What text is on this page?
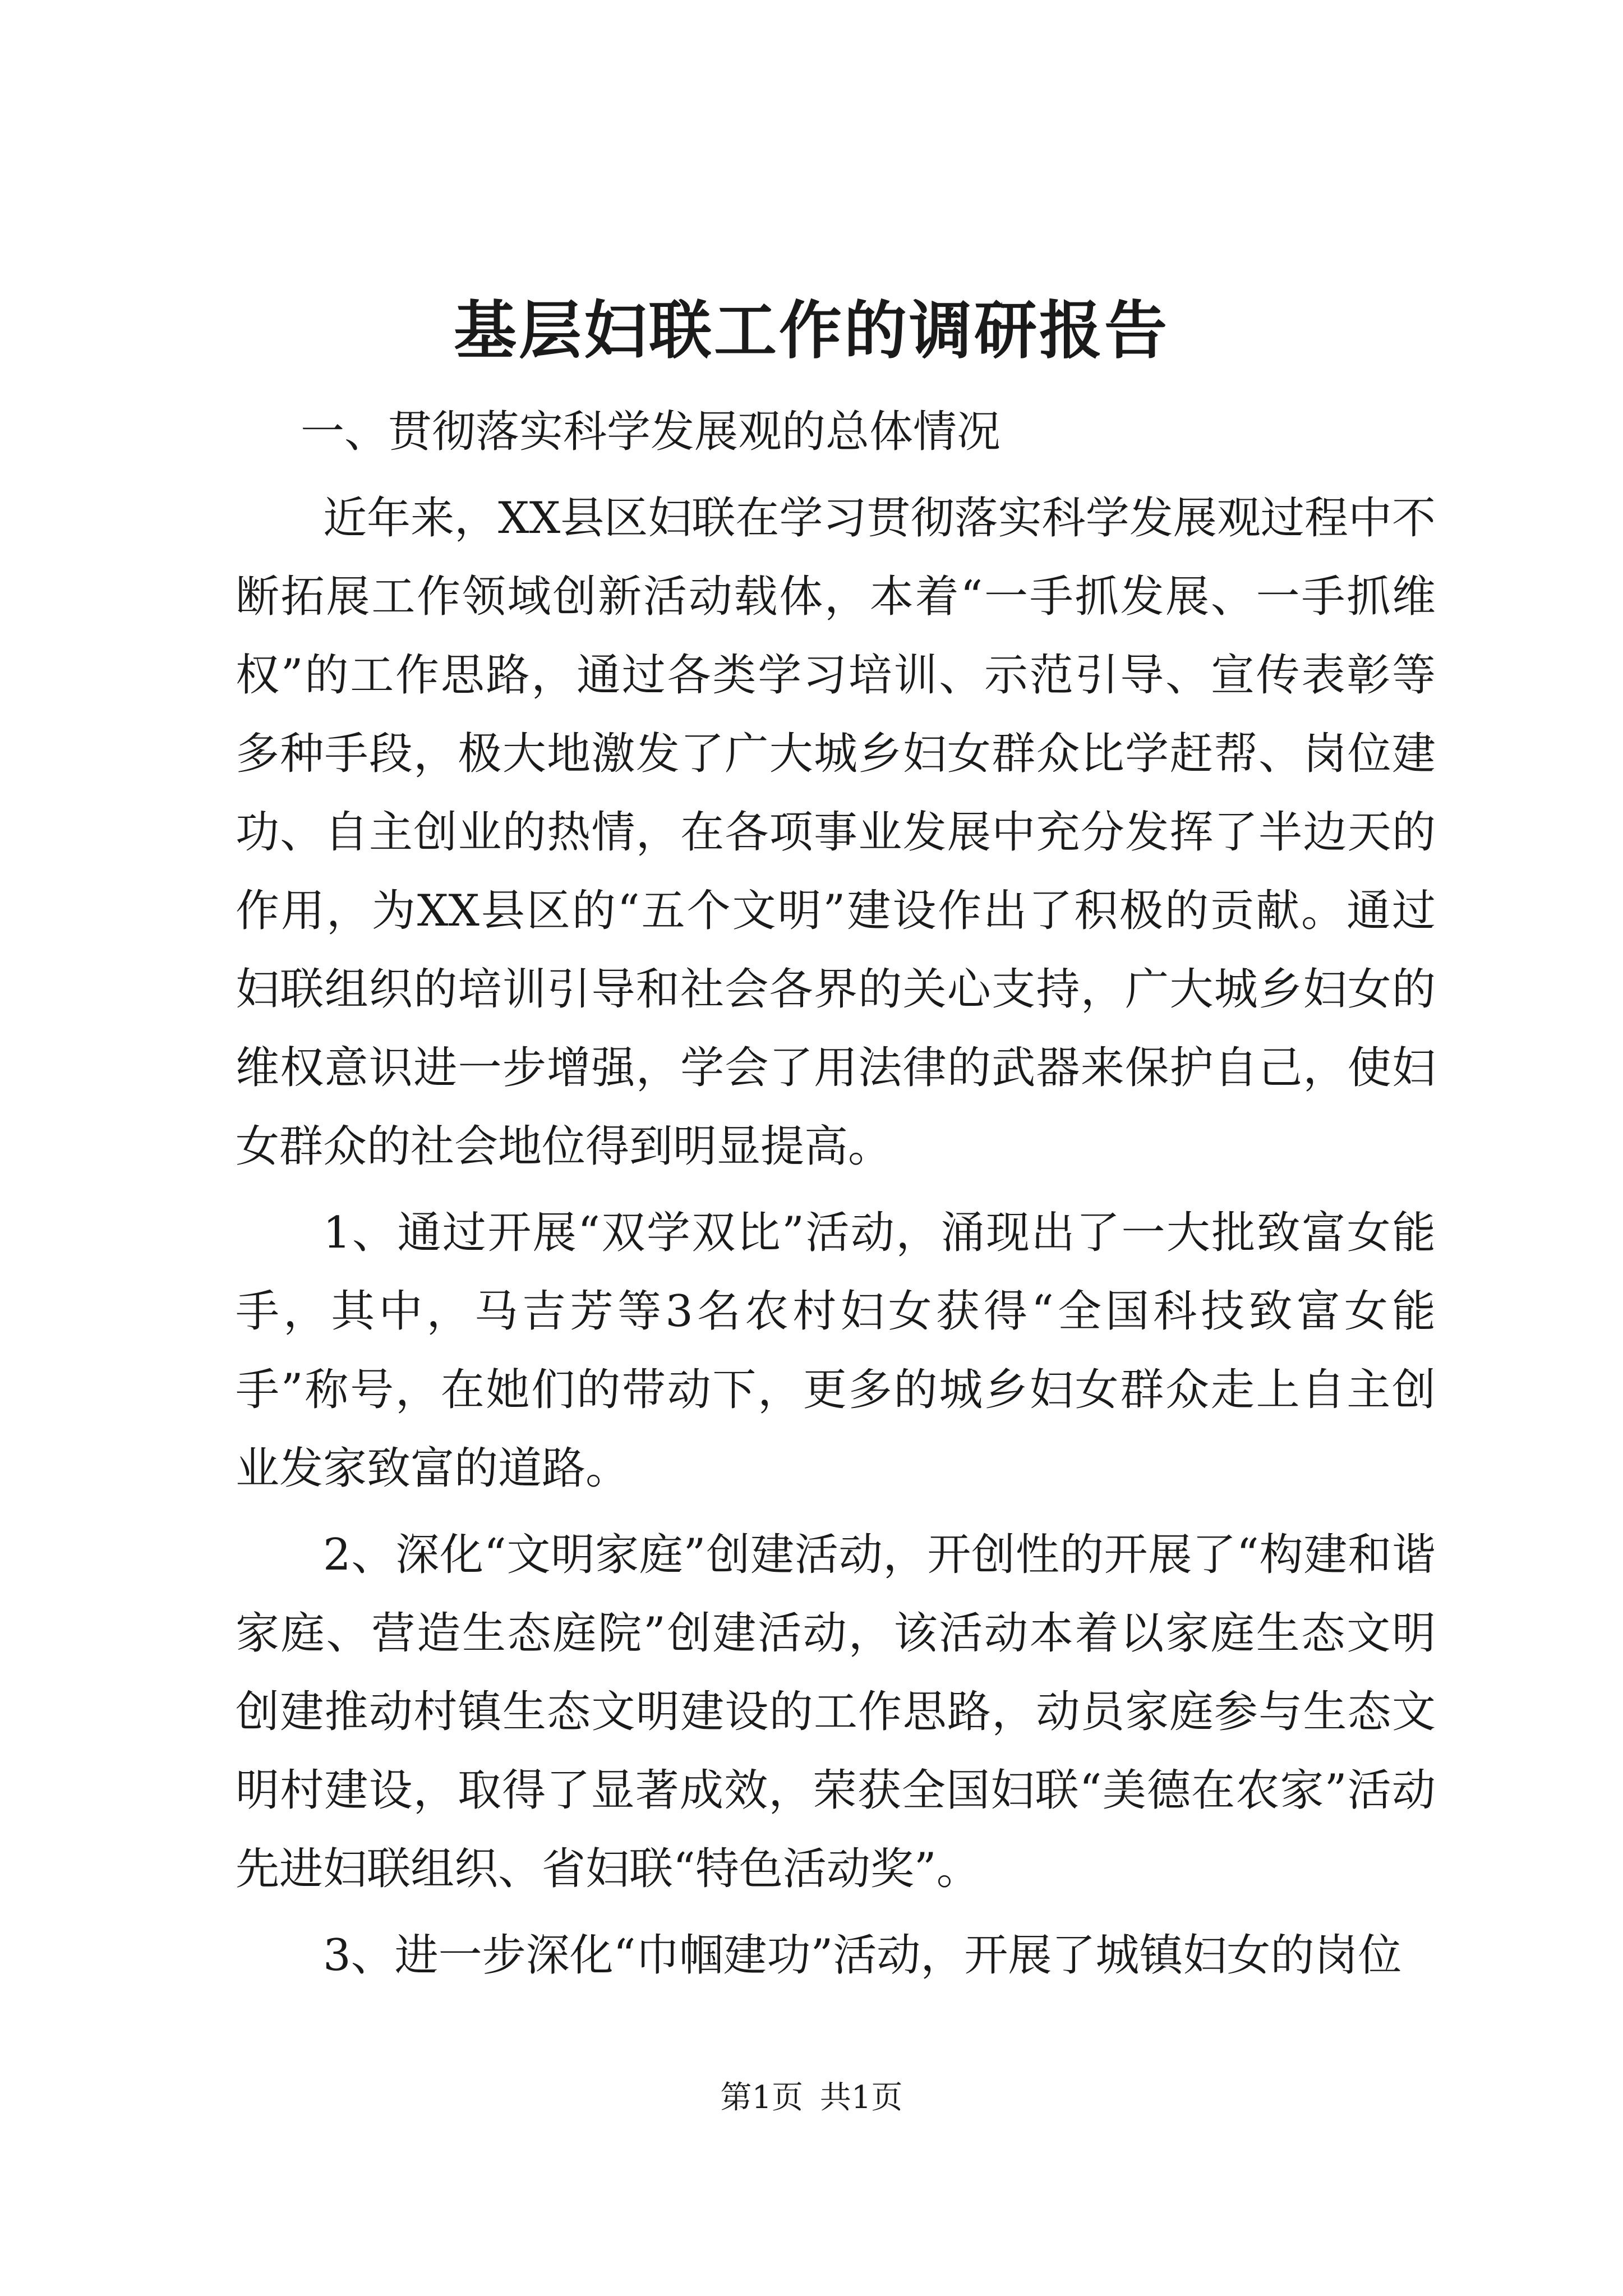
基层妇联工作的调研报告

一、贯彻落实科学发展观的总体情况

近年来，XX县区妇联在学习贯彻落实科学发展观过程中不断拓展工作领域创新活动载体，本着“一手抓发展、一手抓维权”的工作思路，通过各类学习培训、示范引导、宣传表彰等多种手段，极大地激发了广大城乡妇女群众比学赶帮、岗位建功、自主创业的热情，在各项事业发展中充分发挥了半边天的作用，为XX县区的“五个文明”建设作出了积极的贡献。通过妇联组织的培训引导和社会各界的关心支持，广大城乡妇女的维权意识进一步增强，学会了用法律的武器来保护自己，使妇女群众的社会地位得到明显提高。

1、通过开展“双学双比”活动，涌现出了一大批致富女能手，其中，马吉芳等3名农村妇女获得“全国科技致富女能手”称号，在她们的带动下，更多的城乡妇女群众走上自主创业发家致富的道路。

2、深化“文明家庭”创建活动，开创性的开展了“构建和谐家庭、营造生态庭院”创建活动，该活动本着以家庭生态文明创建推动村镇生态文明建设的工作思路，动员家庭参与生态文明村建设，取得了显著成效，荣获全国妇联“美德在农家”活动先进妇联组织、省妇联“特色活动奖”。

3、进一步深化“巾帼建功”活动，开展了城镇妇女的岗位

第1页 共1页
